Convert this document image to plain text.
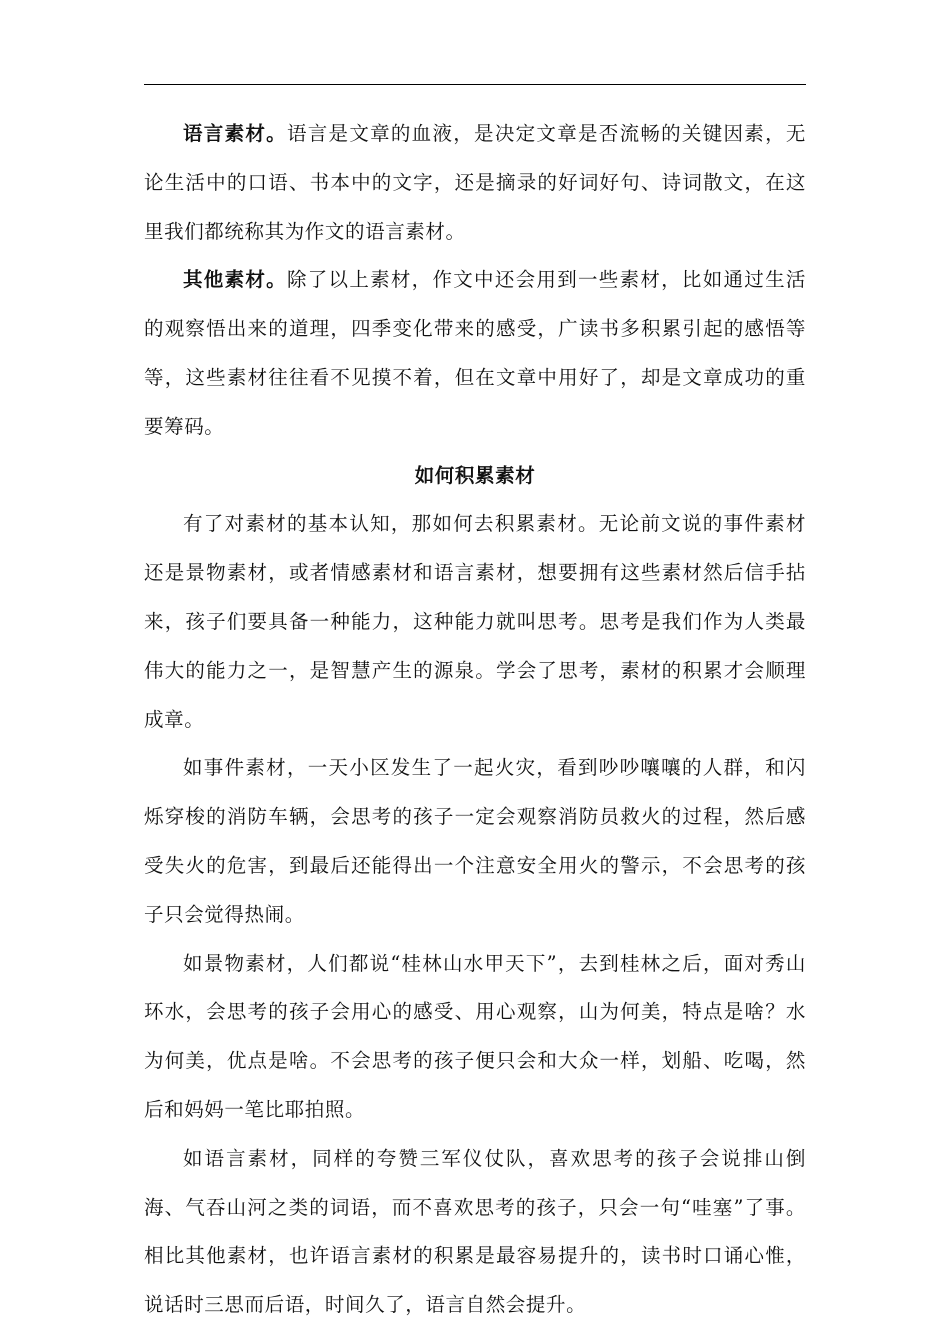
语言素材。语言是文章的血液，是决定文章是否流畅的关键因素，无论生活中的口语、书本中的文字，还是摘录的好词好句、诗词散文，在这里我们都统称其为作文的语言素材。

其他素材。除了以上素材，作文中还会用到一些素材，比如通过生活的观察悟出来的道理，四季变化带来的感受，广读书多积累引起的感悟等等，这些素材往往看不见摸不着，但在文章中用好了，却是文章成功的重要筹码。

如何积累素材

有了对素材的基本认知，那如何去积累素材。无论前文说的事件素材还是景物素材，或者情感素材和语言素材，想要拥有这些素材然后信手拈来，孩子们要具备一种能力，这种能力就叫思考。思考是我们作为人类最伟大的能力之一，是智慧产生的源泉。学会了思考，素材的积累才会顺理成章。

如事件素材，一天小区发生了一起火灾，看到吵吵嚷嚷的人群，和闪烁穿梭的消防车辆，会思考的孩子一定会观察消防员救火的过程，然后感受失火的危害，到最后还能得出一个注意安全用火的警示，不会思考的孩子只会觉得热闹。

如景物素材，人们都说“桂林山水甲天下”，去到桂林之后，面对秀山环水，会思考的孩子会用心的感受、用心观察，山为何美，特点是啥？水为何美，优点是啥。不会思考的孩子便只会和大众一样，划船、吃喝，然后和妈妈一笔比耶拍照。

如语言素材，同样的夸赞三军仪仗队，喜欢思考的孩子会说排山倒海、气吞山河之类的词语，而不喜欢思考的孩子，只会一句“哇塞”了事。相比其他素材，也许语言素材的积累是最容易提升的，读书时口诵心惟，说话时三思而后语，时间久了，语言自然会提升。
